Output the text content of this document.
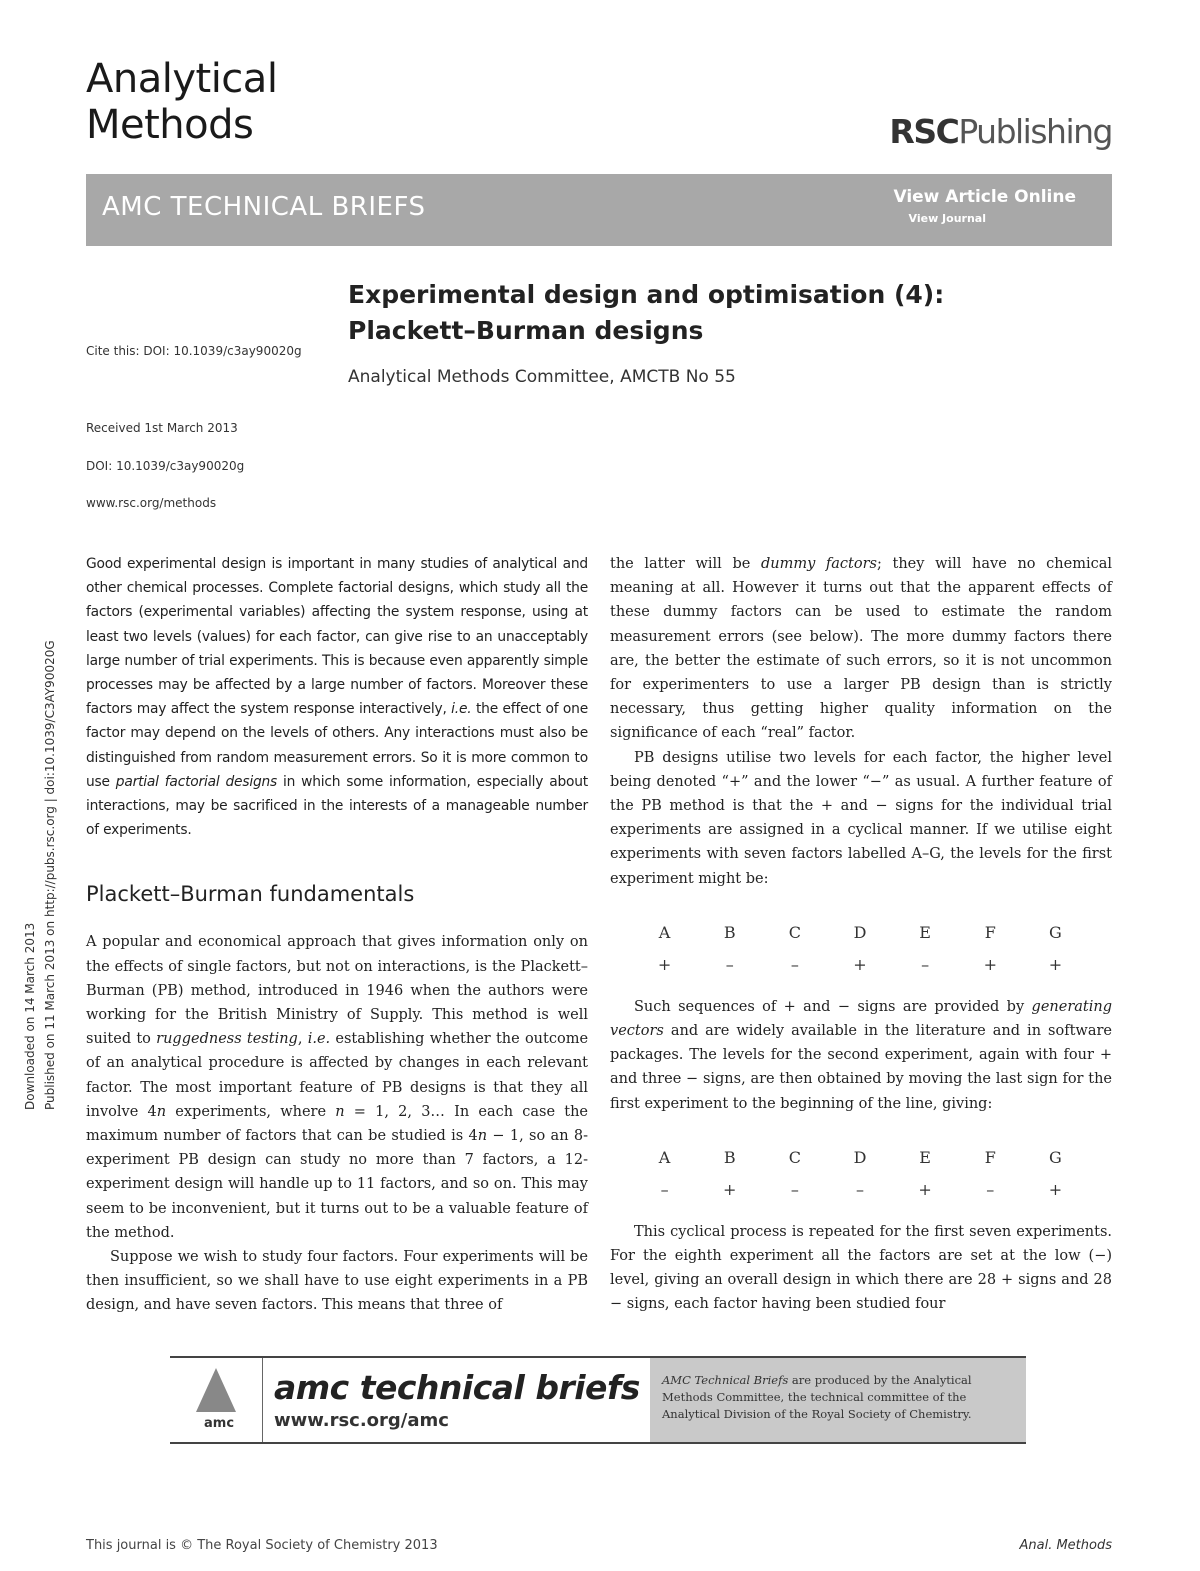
Analytical
Methods	RSCPublishing
AMC TECHNICAL BRIEFS	View Article Online
View Journal
Experimental design and optimisation (4):
Plackett–Burman designs
Analytical Methods Committee, AMCTB No 55
Cite this: DOI: 10.1039/c3ay90020g
Received 1st March 2013
DOI: 10.1039/c3ay90020g
www.rsc.org/methods
Downloaded on 14 March 2013 Published on 11 March 2013 on http://pubs.rsc.org | doi:10.1039/C3AY90020G

Good experimental design is important in many studies of analytical and other chemical processes. Complete factorial designs, which study all the factors (experimental variables) affecting the system response, using at least two levels (values) for each factor, can give rise to an unacceptably large number of trial experiments. This is because even apparently simple processes may be affected by a large number of factors. Moreover these factors may affect the system response interactively, i.e. the effect of one factor may depend on the levels of others. Any interactions must also be distinguished from random measurement errors. So it is more common to use partial factorial designs in which some information, especially about interactions, may be sacrificed in the interests of a manageable number of experiments.

Plackett–Burman fundamentals

A popular and economical approach that gives information only on the effects of single factors, but not on interactions, is the Plackett–Burman (PB) method, introduced in 1946 when the authors were working for the British Ministry of Supply. This method is well suited to ruggedness testing, i.e. establishing whether the outcome of an analytical procedure is affected by changes in each relevant factor. The most important feature of PB designs is that they all involve 4n experiments, where n = 1, 2, 3… In each case the maximum number of factors that can be studied is 4n − 1, so an 8-experiment PB design can study no more than 7 factors, a 12-experiment design will handle up to 11 factors, and so on. This may seem to be inconvenient, but it turns out to be a valuable feature of the method.

Suppose we wish to study four factors. Four experiments will be then insufficient, so we shall have to use eight experiments in a PB design, and have seven factors. This means that three of

the latter will be dummy factors; they will have no chemical meaning at all. However it turns out that the apparent effects of these dummy factors can be used to estimate the random measurement errors (see below). The more dummy factors there are, the better the estimate of such errors, so it is not uncommon for experimenters to use a larger PB design than is strictly necessary, thus getting higher quality information on the significance of each “real” factor.

PB designs utilise two levels for each factor, the higher level being denoted “+” and the lower “−” as usual. A further feature of the PB method is that the + and − signs for the individual trial experiments are assigned in a cyclical manner. If we utilise eight experiments with seven factors labelled A–G, the levels for the first experiment might be:

A	B	C	D	E	F	G
+	–	–	+	–	+	+

Such sequences of + and − signs are provided by generating vectors and are widely available in the literature and in software packages. The levels for the second experiment, again with four + and three − signs, are then obtained by moving the last sign for the first experiment to the beginning of the line, giving:

A	B	C	D	E	F	G
–	+	–	–	+	–	+

This cyclical process is repeated for the first seven experiments. For the eighth experiment all the factors are set at the low (−) level, giving an overall design in which there are 28 + signs and 28 − signs, each factor having been studied four

amc
amc technical briefs
www.rsc.org/amc
AMC Technical Briefs are produced by the Analytical Methods Committee, the technical committee of the Analytical Division of the Royal Society of Chemistry.
This journal is © The Royal Society of Chemistry 2013	Anal. Methods
